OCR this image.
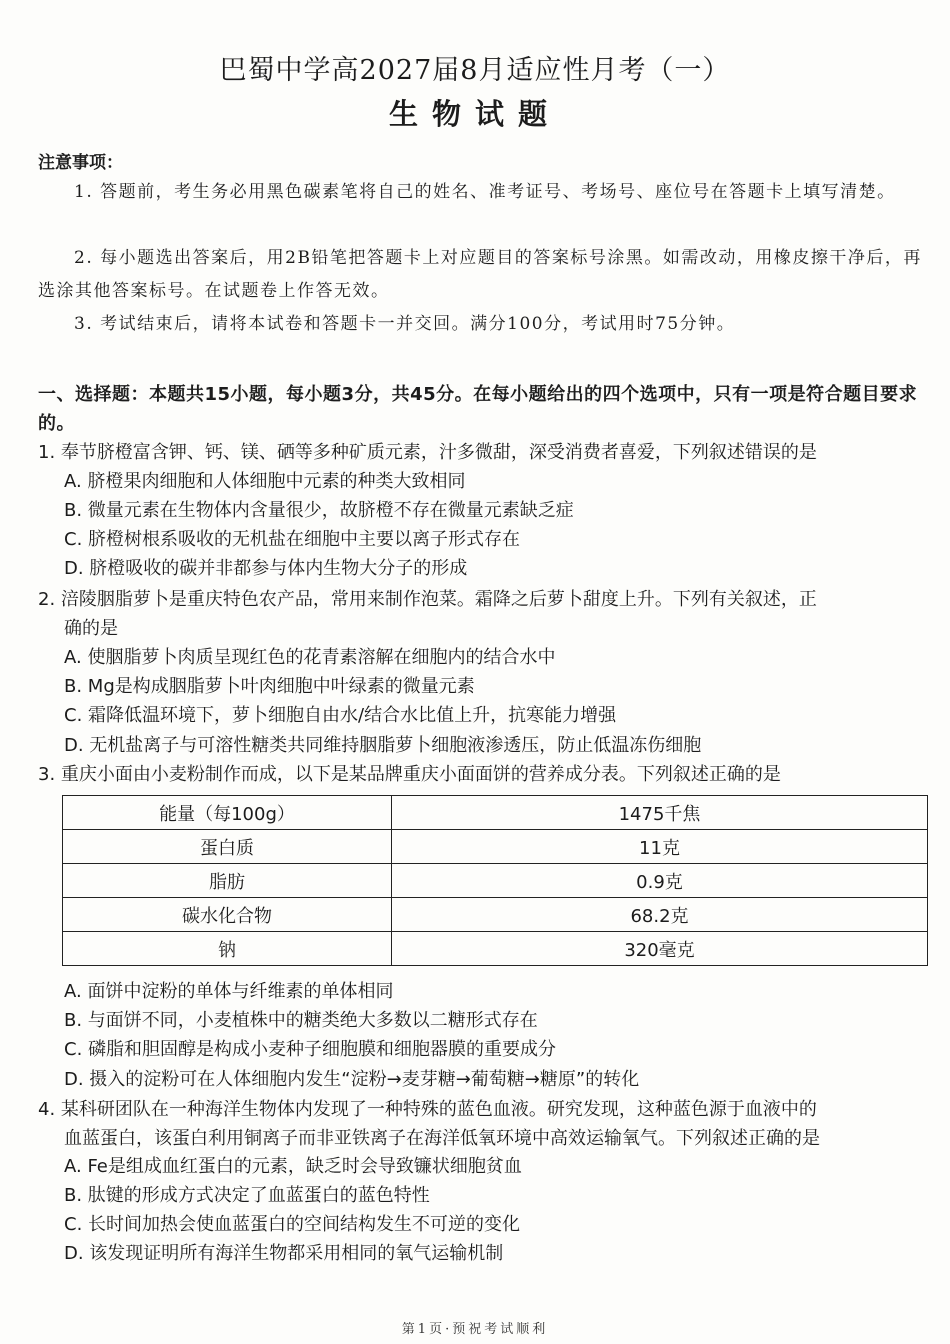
巴蜀中学高2027届8月适应性月考（一）
生物试题
注意事项：
1. 答题前，考生务必用黑色碳素笔将自己的姓名、准考证号、考场号、座位号在答题卡上填写清楚。
2. 每小题选出答案后，用2B铅笔把答题卡上对应题目的答案标号涂黑。如需改动，用橡皮擦干净后，再选涂其他答案标号。在试题卷上作答无效。
3. 考试结束后，请将本试卷和答题卡一并交回。满分100分，考试用时75分钟。
一、选择题：本题共15小题，每小题3分，共45分。在每小题给出的四个选项中，只有一项是符合题目要求的。
1. 奉节脐橙富含钾、钙、镁、硒等多种矿质元素，汁多微甜，深受消费者喜爱，下列叙述错误的是
A. 脐橙果肉细胞和人体细胞中元素的种类大致相同
B. 微量元素在生物体内含量很少，故脐橙不存在微量元素缺乏症
C. 脐橙树根系吸收的无机盐在细胞中主要以离子形式存在
D. 脐橙吸收的碳并非都参与体内生物大分子的形成
2. 涪陵胭脂萝卜是重庆特色农产品，常用来制作泡菜。霜降之后萝卜甜度上升。下列有关叙述，正
确的是
A. 使胭脂萝卜肉质呈现红色的花青素溶解在细胞内的结合水中
B. Mg是构成胭脂萝卜叶肉细胞中叶绿素的微量元素
C. 霜降低温环境下，萝卜细胞自由水/结合水比值上升，抗寒能力增强
D. 无机盐离子与可溶性糖类共同维持胭脂萝卜细胞液渗透压，防止低温冻伤细胞
3. 重庆小面由小麦粉制作而成，以下是某品牌重庆小面面饼的营养成分表。下列叙述正确的是
能量（每100g）	1475千焦
蛋白质	11克
脂肪	0.9克
碳水化合物	68.2克
钠	320毫克
A. 面饼中淀粉的单体与纤维素的单体相同
B. 与面饼不同，小麦植株中的糖类绝大多数以二糖形式存在
C. 磷脂和胆固醇是构成小麦种子细胞膜和细胞器膜的重要成分
D. 摄入的淀粉可在人体细胞内发生“淀粉→麦芽糖→葡萄糖→糖原”的转化
4. 某科研团队在一种海洋生物体内发现了一种特殊的蓝色血液。研究发现，这种蓝色源于血液中的
血蓝蛋白，该蛋白利用铜离子而非亚铁离子在海洋低氧环境中高效运输氧气。下列叙述正确的是
A. Fe是组成血红蛋白的元素，缺乏时会导致镰状细胞贫血
B. 肽键的形成方式决定了血蓝蛋白的蓝色特性
C. 长时间加热会使血蓝蛋白的空间结构发生不可逆的变化
D. 该发现证明所有海洋生物都采用相同的氧气运输机制
第1页·预祝考试顺利
